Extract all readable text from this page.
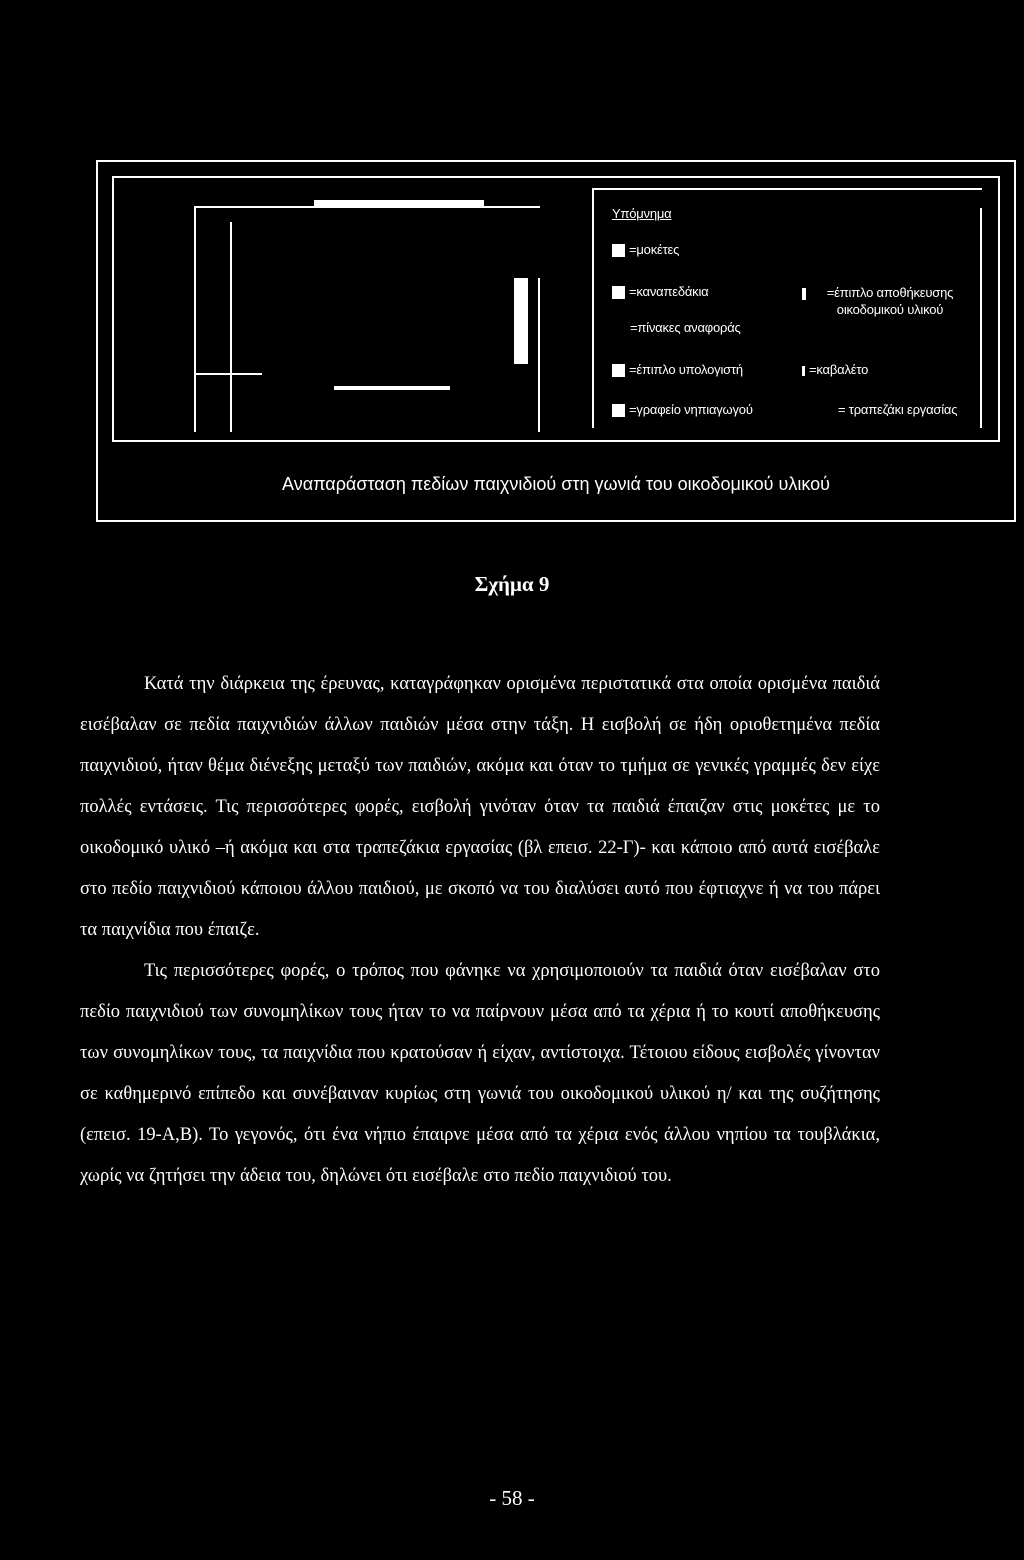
Υπόμνημα
=μοκέτες
=καναπεδάκια	=έπιπλο αποθήκευσης οικοδομικού υλικού
=πίνακες αναφοράς
=έπιπλο υπολογιστή	=καβαλέτο
=γραφείο νηπιαγωγού	= τραπεζάκι εργασίας
Αναπαράσταση πεδίων παιχνιδιού στη γωνιά του οικοδομικού υλικού
Σχήμα 9

Κατά την διάρκεια της έρευνας, καταγράφηκαν ορισμένα περιστατικά στα οποία ορισμένα παιδιά εισέβαλαν σε πεδία παιχνιδιών άλλων παιδιών μέσα στην τάξη. Η εισβολή σε ήδη οριοθετημένα πεδία παιχνιδιού, ήταν θέμα διένεξης μεταξύ των παιδιών, ακόμα και όταν το τμήμα σε γενικές γραμμές δεν είχε πολλές εντάσεις. Τις περισσότερες φορές, εισβολή γινόταν όταν τα παιδιά έπαιζαν στις μοκέτες με το οικοδομικό υλικό –ή ακόμα και στα τραπεζάκια εργασίας (βλ επεισ. 22-Γ)- και κάποιο από αυτά εισέβαλε στο πεδίο παιχνιδιού κάποιου άλλου παιδιού, με σκοπό να του διαλύσει αυτό που έφτιαχνε ή να του πάρει τα παιχνίδια που έπαιζε.

Τις περισσότερες φορές, ο τρόπος που φάνηκε να χρησιμοποιούν τα παιδιά όταν εισέβαλαν στο πεδίο παιχνιδιού των συνομηλίκων τους ήταν το να παίρνουν μέσα από τα χέρια ή το κουτί αποθήκευσης των συνομηλίκων τους, τα παιχνίδια που κρατούσαν ή είχαν, αντίστοιχα. Τέτοιου είδους εισβολές γίνονταν σε καθημερινό επίπεδο και συνέβαιναν κυρίως στη γωνιά του οικοδομικού υλικού η/ και της συζήτησης (επεισ. 19-Α,Β). Το γεγονός, ότι ένα νήπιο έπαιρνε μέσα από τα χέρια ενός άλλου νηπίου τα τουβλάκια, χωρίς να ζητήσει την άδεια του, δηλώνει ότι εισέβαλε στο πεδίο παιχνιδιού του.

- 58 -
